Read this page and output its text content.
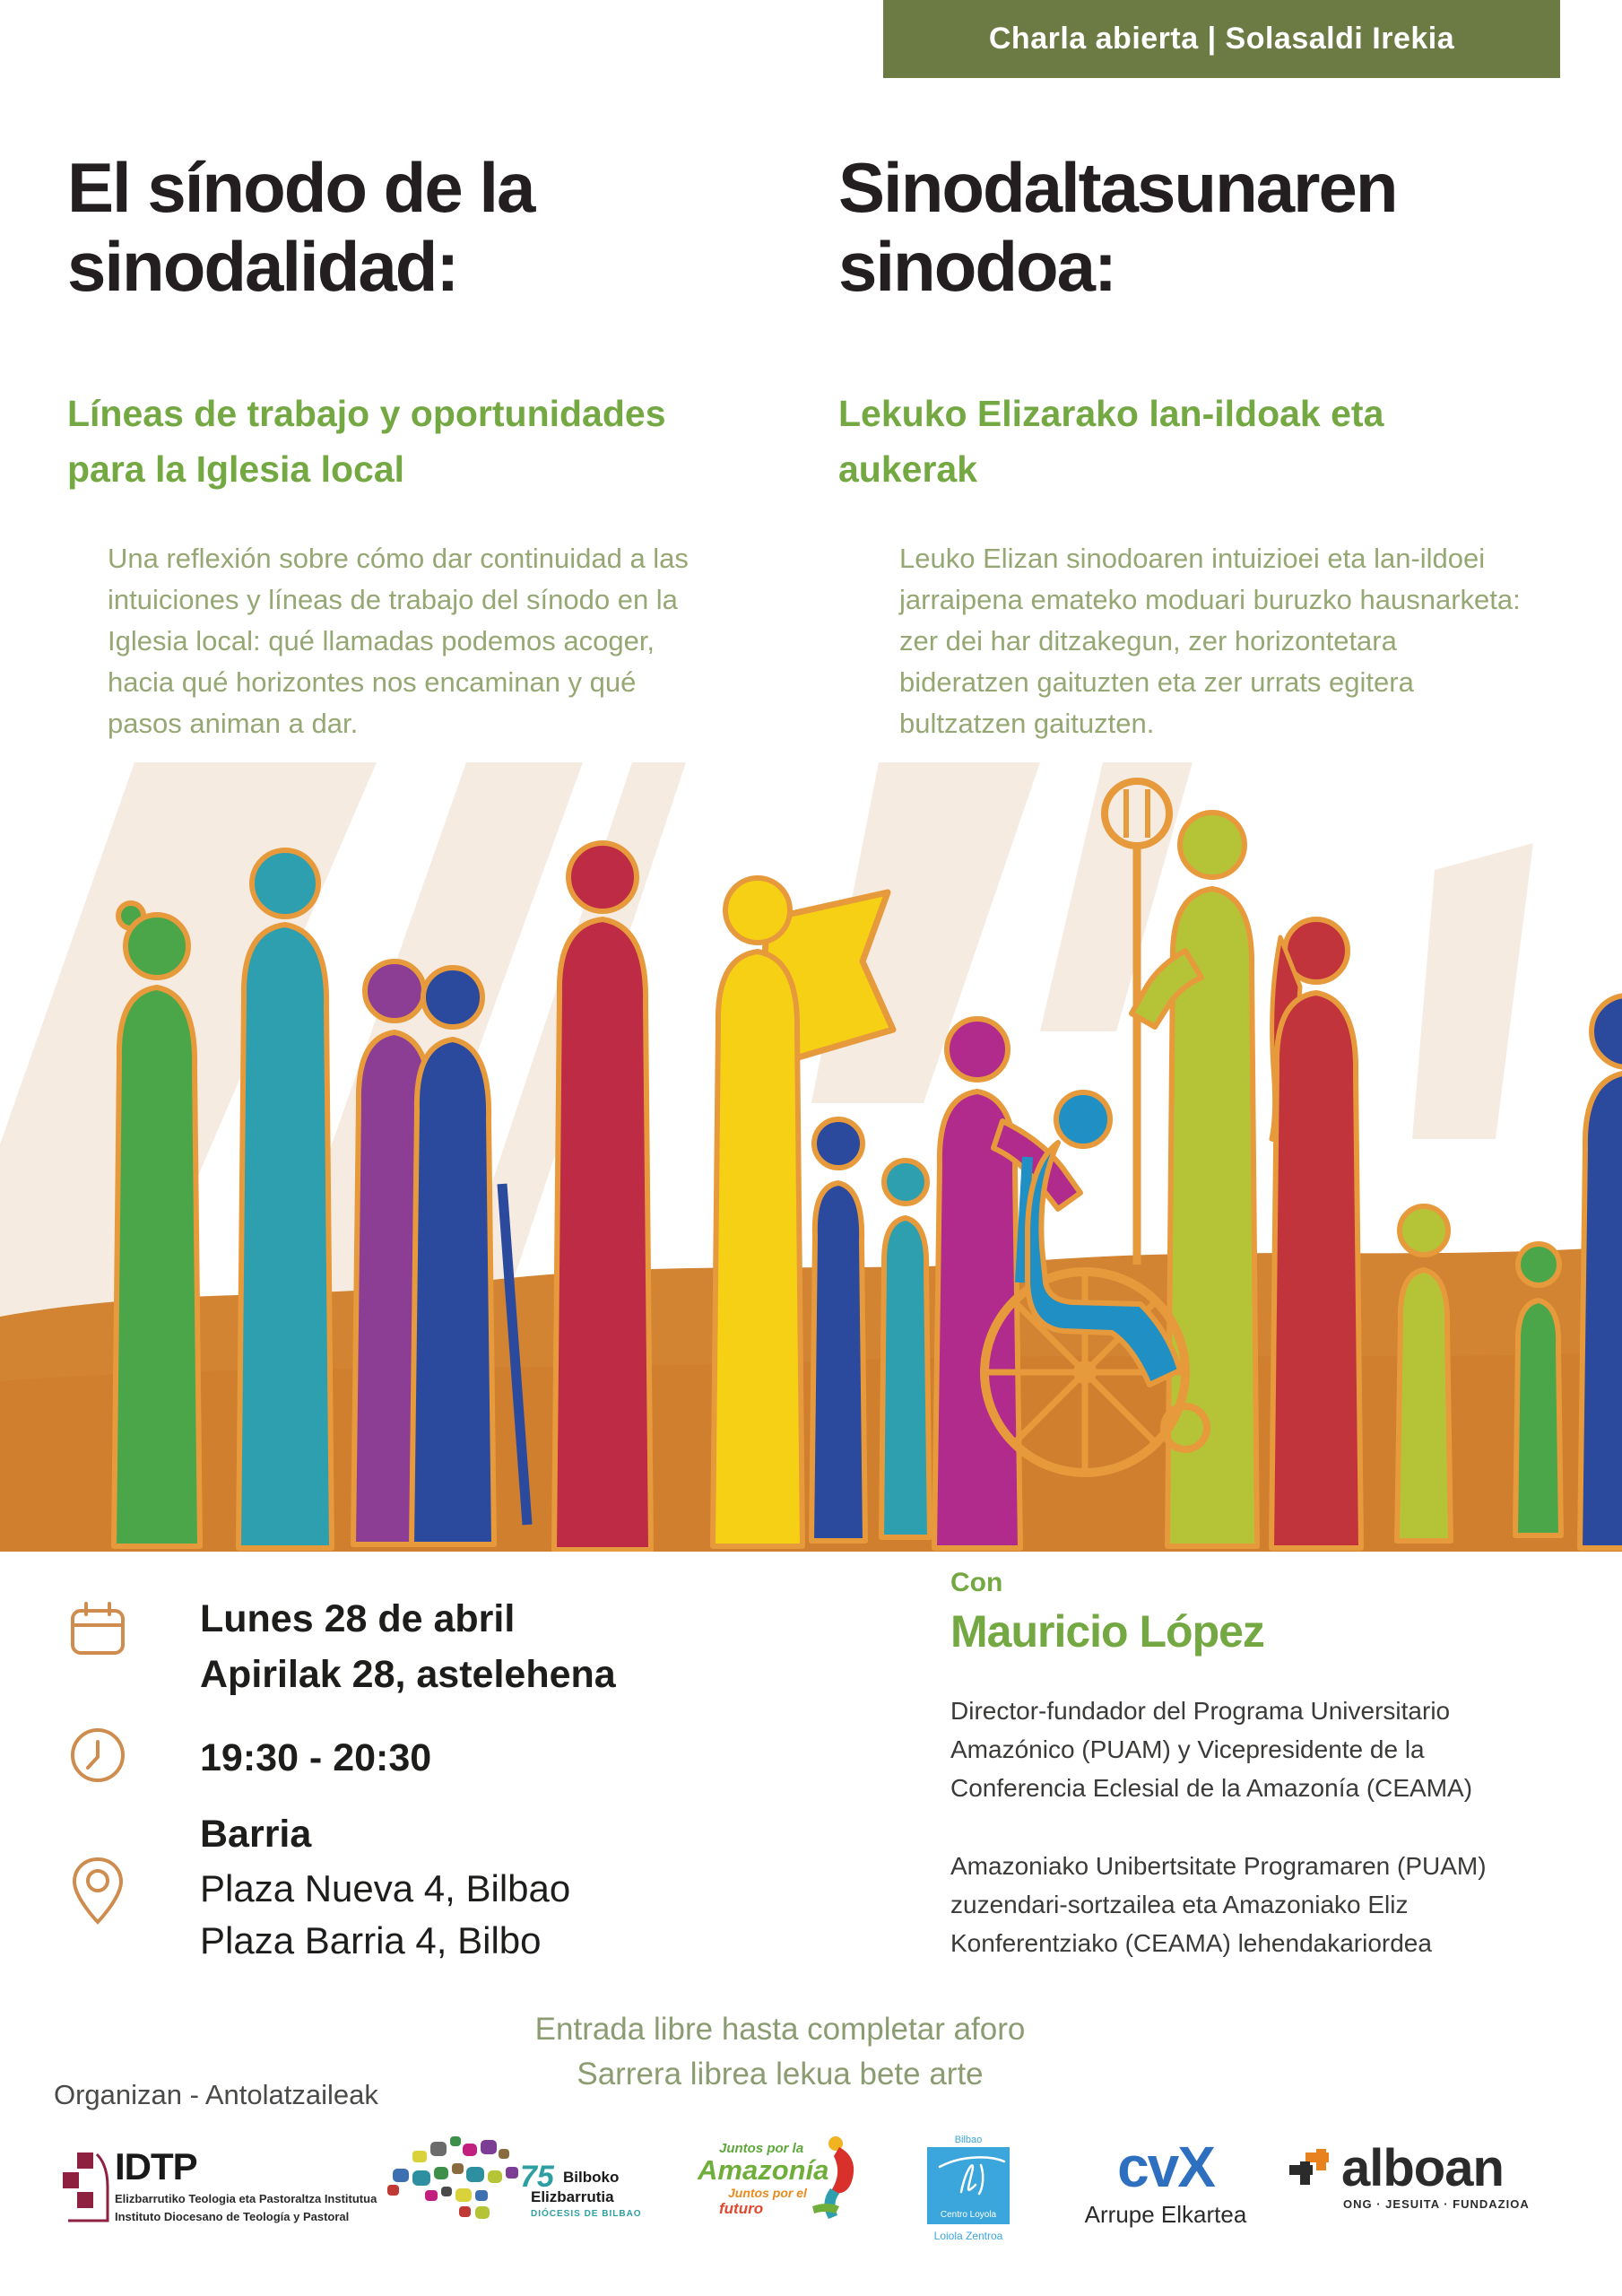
Charla abierta | Solasaldi Irekia
El sínodo de la sinodalidad:
Líneas de trabajo y oportunidades para la Iglesia local

Una reflexión sobre cómo dar continuidad a las intuiciones y líneas de trabajo del sínodo en la Iglesia local: qué llamadas podemos acoger, hacia qué horizontes nos encaminan y qué pasos animan a dar.

Sinodaltasunaren sinodoa:
Lekuko Elizarako lan-ildoak eta aukerak

Leuko Elizan sinodoaren intuizioei eta lan-ildoei jarraipena emateko moduari buruzko hausnarketa: zer dei har ditzakegun, zer horizontetara bideratzen gaituzten eta zer urrats egitera bultzatzen gaituzten.

Lunes 28 de abril
Apirilak 28, astelehena
19:30 - 20:30
Barria
Plaza Nueva 4, Bilbao
Plaza Barria 4, Bilbo

Con

Mauricio López

Director-fundador del Programa Universitario Amazónico (PUAM) y Vicepresidente de la Conferencia Eclesial de la Amazonía (CEAMA)

Amazoniako Unibertsitate Programaren (PUAM) zuzendari-sortzailea eta Amazoniako Eliz Konferentziako (CEAMA) lehendakariordea

Entrada libre hasta completar aforo

Sarrera librea lekua bete arte

Organizan - Antolatzaileak
IDTP
Elizbarrutiko Teologia eta Pastoraltza Institutua
Instituto Diocesano de Teología y Pastoral
75 Bilboko
Elizbarrutia
DIÓCESIS DE BILBAO
Juntos por la
Amazonía
Juntos por el
futuro

Bilbao

Centro Loyola

Loiola Zentroa

cvX
Arrupe Elkartea
alboan
ONG · JESUITA · FUNDAZIOA
